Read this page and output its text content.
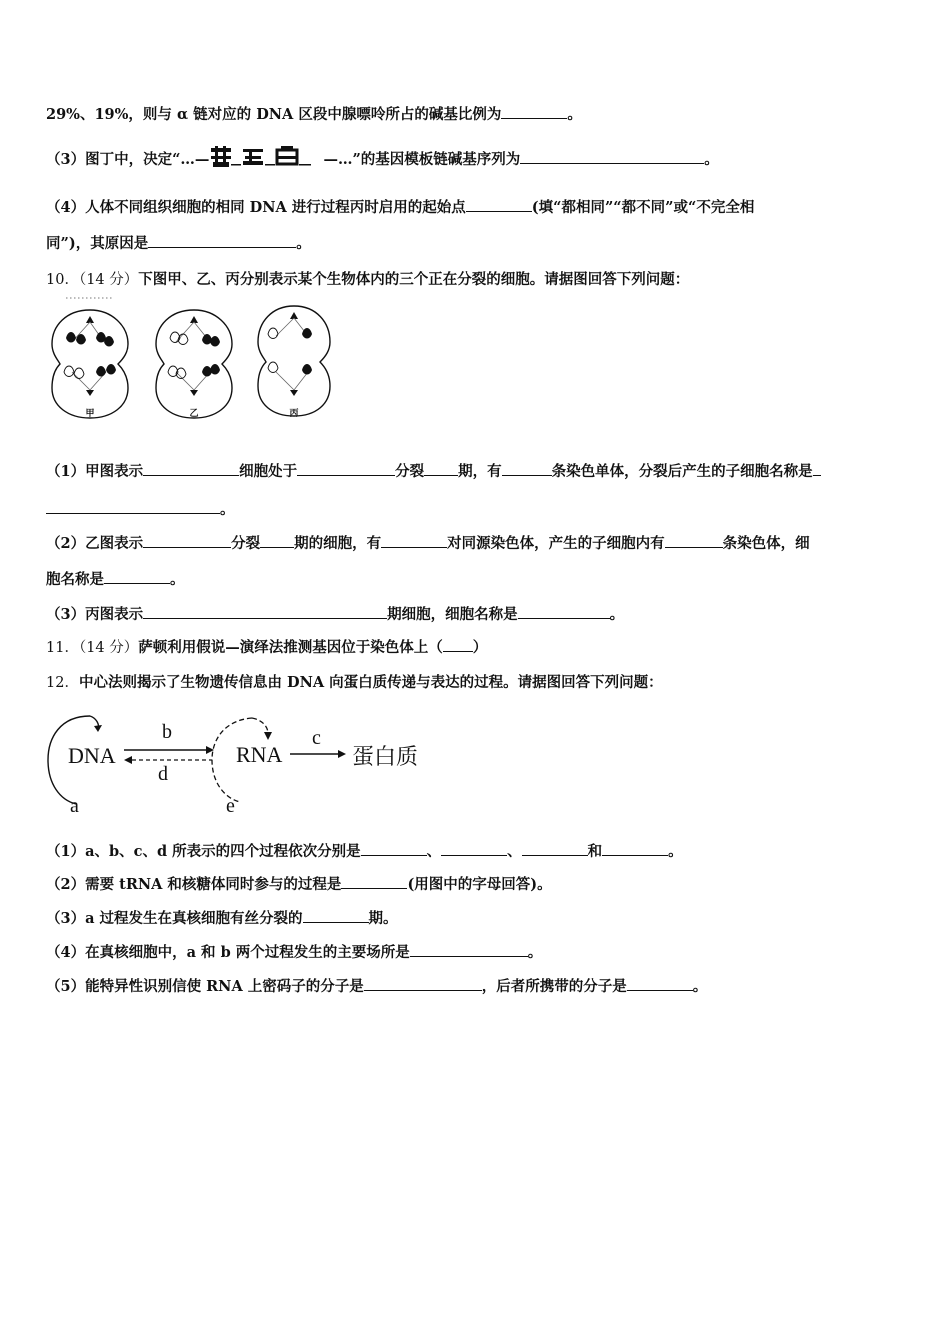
29%、19%，则与 α 链对应的 DNA 区段中腺嘌呤所占的碱基比例为	。
（3）图丁中，决定“…—	—…”的基因模板链碱基序列为	。
（4）人体不同组织细胞的相同 DNA 进行过程丙时启用的起始点	(填“都相同”“都不同”或“不完全相
同”)，其原因是	。
10．（14 分）下图甲、乙、丙分别表示某个生物体内的三个正在分裂的细胞。请据图回答下列问题：
甲	乙	丙
（1）甲图表示	细胞处于	分裂 期，有	条染色单体，分裂后产生的子细胞名称是
。
（2）乙图表示	分裂 期的细胞，有	对同源染色体，产生的子细胞内有	条染色体，细
胞名称是	。
（3）丙图表示	期细胞，细胞名称是	。
11．（14 分）萨顿利用假说—演绎法推测基因位于染色体上（ ）
12．中心法则揭示了生物遗传信息由 DNA 向蛋白质传递与表达的过程。请据图回答下列问题：
DNA
a
b
d
RNA
e
c
蛋白质
（1）a、b、c、d 所表示的四个过程依次分别是	、	、	和	。
（2）需要 tRNA 和核糖体同时参与的过程是	(用图中的字母回答)。
（3）a 过程发生在真核细胞有丝分裂的	期。
（4）在真核细胞中，a 和 b 两个过程发生的主要场所是	。
（5）能特异性识别信使 RNA 上密码子的分子是	，后者所携带的分子是	。
